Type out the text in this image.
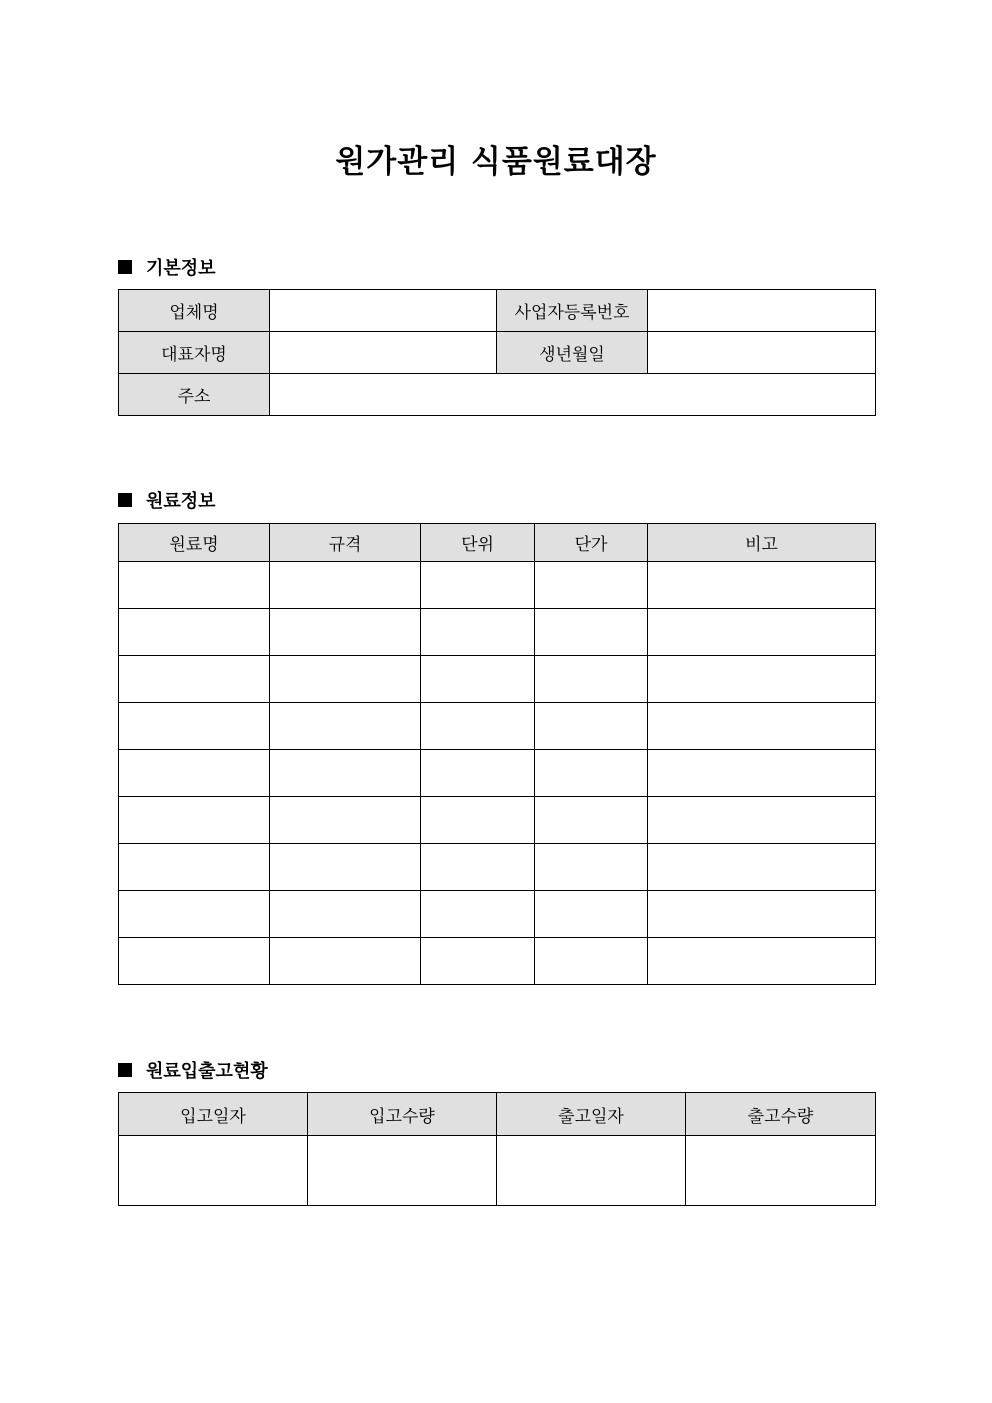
원가관리 식품원료대장
기본정보
업체명		사업자등록번호	
대표자명		생년월일	
주소			
원료정보
원료명	규격	단위	단가	비고

원료입출고현황
입고일자	입고수량	출고일자	출고수량
